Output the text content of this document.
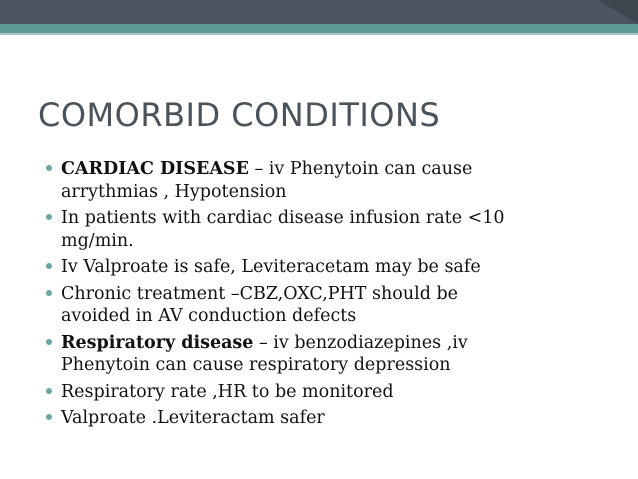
COMORBID CONDITIONS
CARDIAC DISEASE – iv Phenytoin can cause
arrythmias , Hypotension
In patients with cardiac disease infusion rate <10
mg/min.
Iv Valproate is safe, Leviteracetam may be safe
Chronic treatment –CBZ,OXC,PHT should be
avoided in AV conduction defects
Respiratory disease – iv benzodiazepines ,iv
Phenytoin can cause respiratory depression
Respiratory rate ,HR to be monitored
Valproate .Leviteractam safer
